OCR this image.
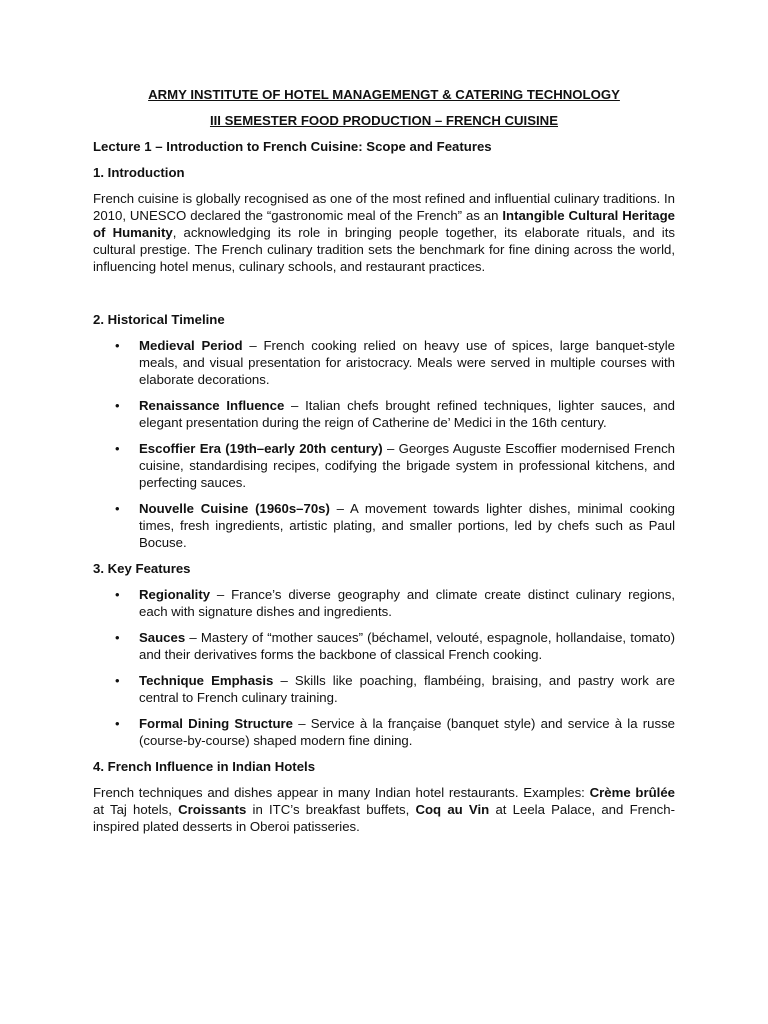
ARMY INSTITUTE OF HOTEL MANAGEMENGT & CATERING TECHNOLOGY

III SEMESTER FOOD PRODUCTION – FRENCH CUISINE

Lecture 1 – Introduction to French Cuisine: Scope and Features

1. Introduction

French cuisine is globally recognised as one of the most refined and influential culinary traditions. In 2010, UNESCO declared the “gastronomic meal of the French” as an Intangible Cultural Heritage of Humanity, acknowledging its role in bringing people together, its elaborate rituals, and its cultural prestige. The French culinary tradition sets the benchmark for fine dining across the world, influencing hotel menus, culinary schools, and restaurant practices.

2. Historical Timeline

• Medieval Period – French cooking relied on heavy use of spices, large banquet-style meals, and visual presentation for aristocracy. Meals were served in multiple courses with elaborate decorations.
• Renaissance Influence – Italian chefs brought refined techniques, lighter sauces, and elegant presentation during the reign of Catherine de’ Medici in the 16th century.
• Escoffier Era (19th–early 20th century) – Georges Auguste Escoffier modernised French cuisine, standardising recipes, codifying the brigade system in professional kitchens, and perfecting sauces.
• Nouvelle Cuisine (1960s–70s) – A movement towards lighter dishes, minimal cooking times, fresh ingredients, artistic plating, and smaller portions, led by chefs such as Paul Bocuse.

3. Key Features

• Regionality – France’s diverse geography and climate create distinct culinary regions, each with signature dishes and ingredients.
• Sauces – Mastery of “mother sauces” (béchamel, velouté, espagnole, hollandaise, tomato) and their derivatives forms the backbone of classical French cooking.
• Technique Emphasis – Skills like poaching, flambéing, braising, and pastry work are central to French culinary training.
• Formal Dining Structure – Service à la française (banquet style) and service à la russe (course-by-course) shaped modern fine dining.

4. French Influence in Indian Hotels

French techniques and dishes appear in many Indian hotel restaurants. Examples: Crème brûlée at Taj hotels, Croissants in ITC’s breakfast buffets, Coq au Vin at Leela Palace, and French-inspired plated desserts in Oberoi patisseries.
